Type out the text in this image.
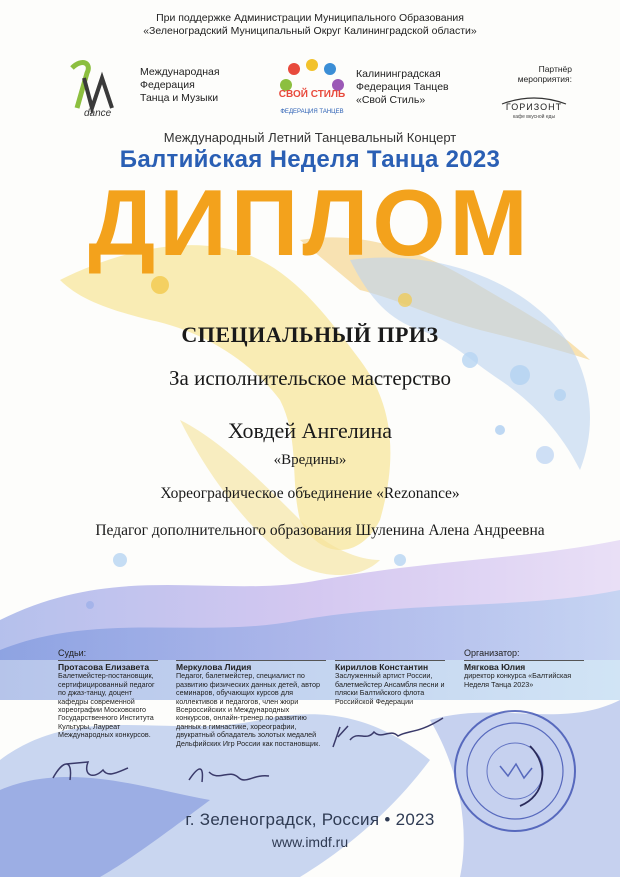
При поддержке Администрации Муниципального Образования
«Зеленоградский Муниципальный Округ Калининградской области»
dance
Международная
Федерация
Танца и Музыки	СВОЙ СТИЛЬ
ФЕДЕРАЦИЯ ТАНЦЕВ
Калининградская
Федерация Танцев
«Свой Стиль»
Партнёр
мероприятия:
ГОРИЗОНТ
кафе вкусной еды
Международный Летний Танцевальный Концерт
Балтийская Неделя Танца 2023
ДИПЛОМ
СПЕЦИАЛЬНЫЙ ПРИЗ
За исполнительское мастерство
Ховдей Ангелина
«Вредины»
Хореографическое объединение «Rezonance»
Педагог дополнительного образования Шуленина Алена Андреевна
Судьи:	Организатор:
Протасова Елизавета
Балетмейстер-постановщик, сертифицированный педагог по джаз-танцу, доцент кафедры современной хореографии Московского Государственного Института Культуры, Лауреат Международных конкурсов.
Меркулова Лидия
Педагог, балетмейстер, специалист по развитию физических данных детей, автор семинаров, обучающих курсов для коллективов и педагогов, член жюри Всероссийских и Международных конкурсов, онлайн-тренер по развитию данных в гимнастике, хореографии, двукратный обладатель золотых медалей Дельфийских Игр России как постановщик.
Кириллов Константин
Заслуженный артист России, балетмейстер Ансамбля песни и пляски Балтийского флота Российской Федерации
Мягкова Юлия
директор конкурса «Балтийская Неделя Танца 2023»
г. Зеленоградск, Россия • 2023
www.imdf.ru
